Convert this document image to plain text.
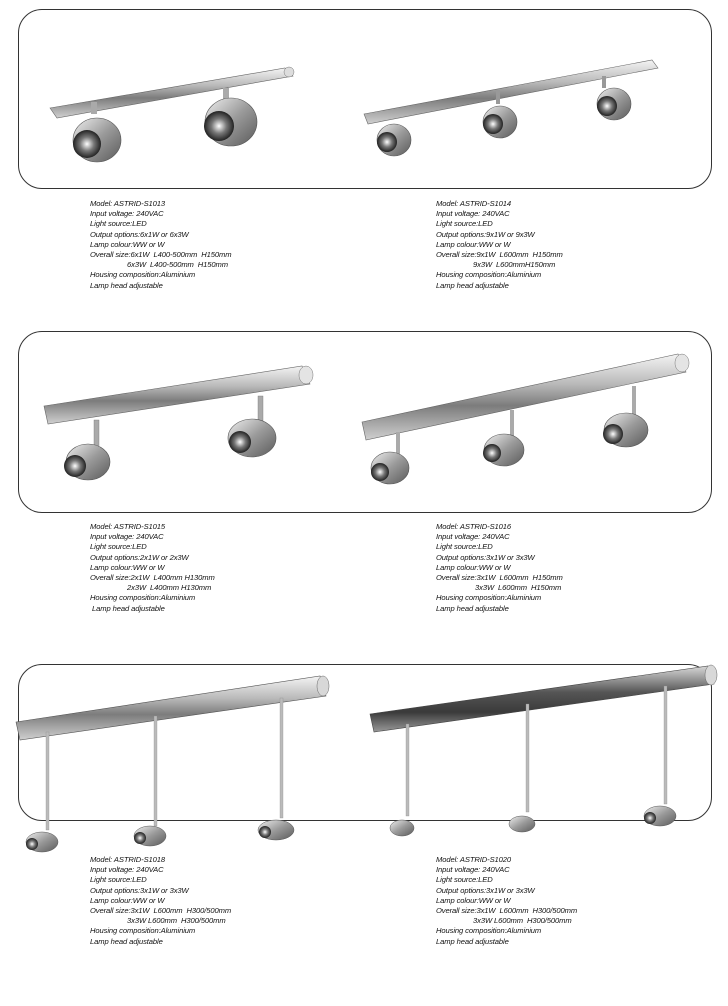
Model: ASTRID-S1013
Input voltage: 240VAC
Light source:LED
Output options:6x1W or 6x3W
Lamp colour:WW or W
Overall size:6x1W  L400-500mm  H150mm
6x3W  L400-500mm  H150mm
Housing composition:Aluminium
Lamp head adjustable
Model: ASTRID-S1014
Input voltage: 240VAC
Light source:LED
Output options:9x1W or 9x3W
Lamp colour:WW or W
Overall size:9x1W  L600mm  H150mm
9x3W  L600mmH150mm
Housing composition:Aluminium
Lamp head adjustable
Model: ASTRID-S1015
Input voltage: 240VAC
Light source:LED
Output options:2x1W or 2x3W
Lamp colour:WW or W
Overall size:2x1W  L400mm H130mm
2x3W  L400mm H130mm
Housing composition:Aluminium
Lamp head adjustable
Model: ASTRID-S1016
Input voltage: 240VAC
Light source:LED
Output options:3x1W or 3x3W
Lamp colour:WW or W
Overall size:3x1W  L600mm  H150mm
3x3W  L600mm  H150mm
Housing composition:Aluminium
Lamp head adjustable
Model: ASTRID-S1018
Input voltage: 240VAC
Light source:LED
Output options:3x1W or 3x3W
Lamp colour:WW or W
Overall size:3x1W  L600mm  H300/500mm
3x3W L600mm  H300/500mm
Housing composition:Aluminium
Lamp head adjustable
Model: ASTRID-S1020
Input voltage: 240VAC
Light source:LED
Output options:3x1W or 3x3W
Lamp colour:WW or W
Overall size:3x1W  L600mm  H300/500mm
3x3W L600mm  H300/500mm
Housing composition:Aluminium
Lamp head adjustable
